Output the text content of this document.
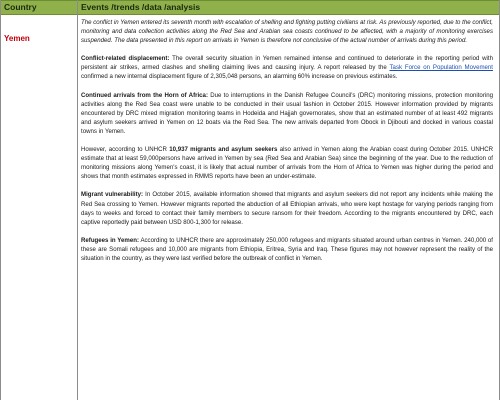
Country	Events /trends /data /analysis
Yemen

The conflict in Yemen entered its seventh month with escalation of shelling and fighting putting civilians at risk. As previously reported, due to the conflict, monitoring and data collection activities along the Red Sea and Arabian sea coasts continued to be affected, with a majority of monitoring exercises suspended. The data presented in this report on arrivals in Yemen is therefore not conclusive of the actual number of arrivals during this period.

Conflict-related displacement: The overall security situation in Yemen remained intense and continued to deteriorate in the reporting period with persistent air strikes, armed clashes and shelling claiming lives and causing injury. A report released by the Task Force on Population Movement confirmed a new internal displacement figure of 2,305,048 persons, an alarming 60% increase on previous estimates.

Continued arrivals from the Horn of Africa: Due to interruptions in the Danish Refugee Council's (DRC) monitoring missions, protection monitoring activities along the Red Sea coast were unable to be conducted in their usual fashion in October 2015. However information provided by migrants encountered by DRC mixed migration monitoring teams in Hodeida and Hajjah governorates, show that an estimated number of at least 492 migrants and asylum seekers arrived in Yemen on 12 boats via the Red Sea. The new arrivals departed from Obock in Djibouti and docked in various coastal towns in Yemen.

However, according to UNHCR 10,937 migrants and asylum seekers also arrived in Yemen along the Arabian coast during October 2015. UNHCR estimate that at least 59,000persons have arrived in Yemen by sea (Red Sea and Arabian Sea) since the beginning of the year. Due to the reduction of monitoring missions along Yemen's coast, it is likely that actual number of arrivals from the Horn of Africa to Yemen was higher during the period and shows that month estimates expressed in RMMS reports have been an under-estimate.

Migrant vulnerability: In October 2015, available information showed that migrants and asylum seekers did not report any incidents while making the Red Sea crossing to Yemen. However migrants reported the abduction of all Ethiopian arrivals, who were kept hostage for varying periods ranging from days to weeks and forced to contact their family members to secure ransom for their freedom. According to the migrants encountered by DRC, each captive reportedly paid between USD 800-1,300 for release.

Refugees in Yemen: According to UNHCR there are approximately 250,000 refugees and migrants situated around urban centres in Yemen. 240,000 of these are Somali refugees and 10,000 are migrants from Ethiopia, Eritrea, Syria and Iraq. These figures may not however represent the reality of the situation in the country, as they were last verified before the outbreak of conflict in Yemen.
